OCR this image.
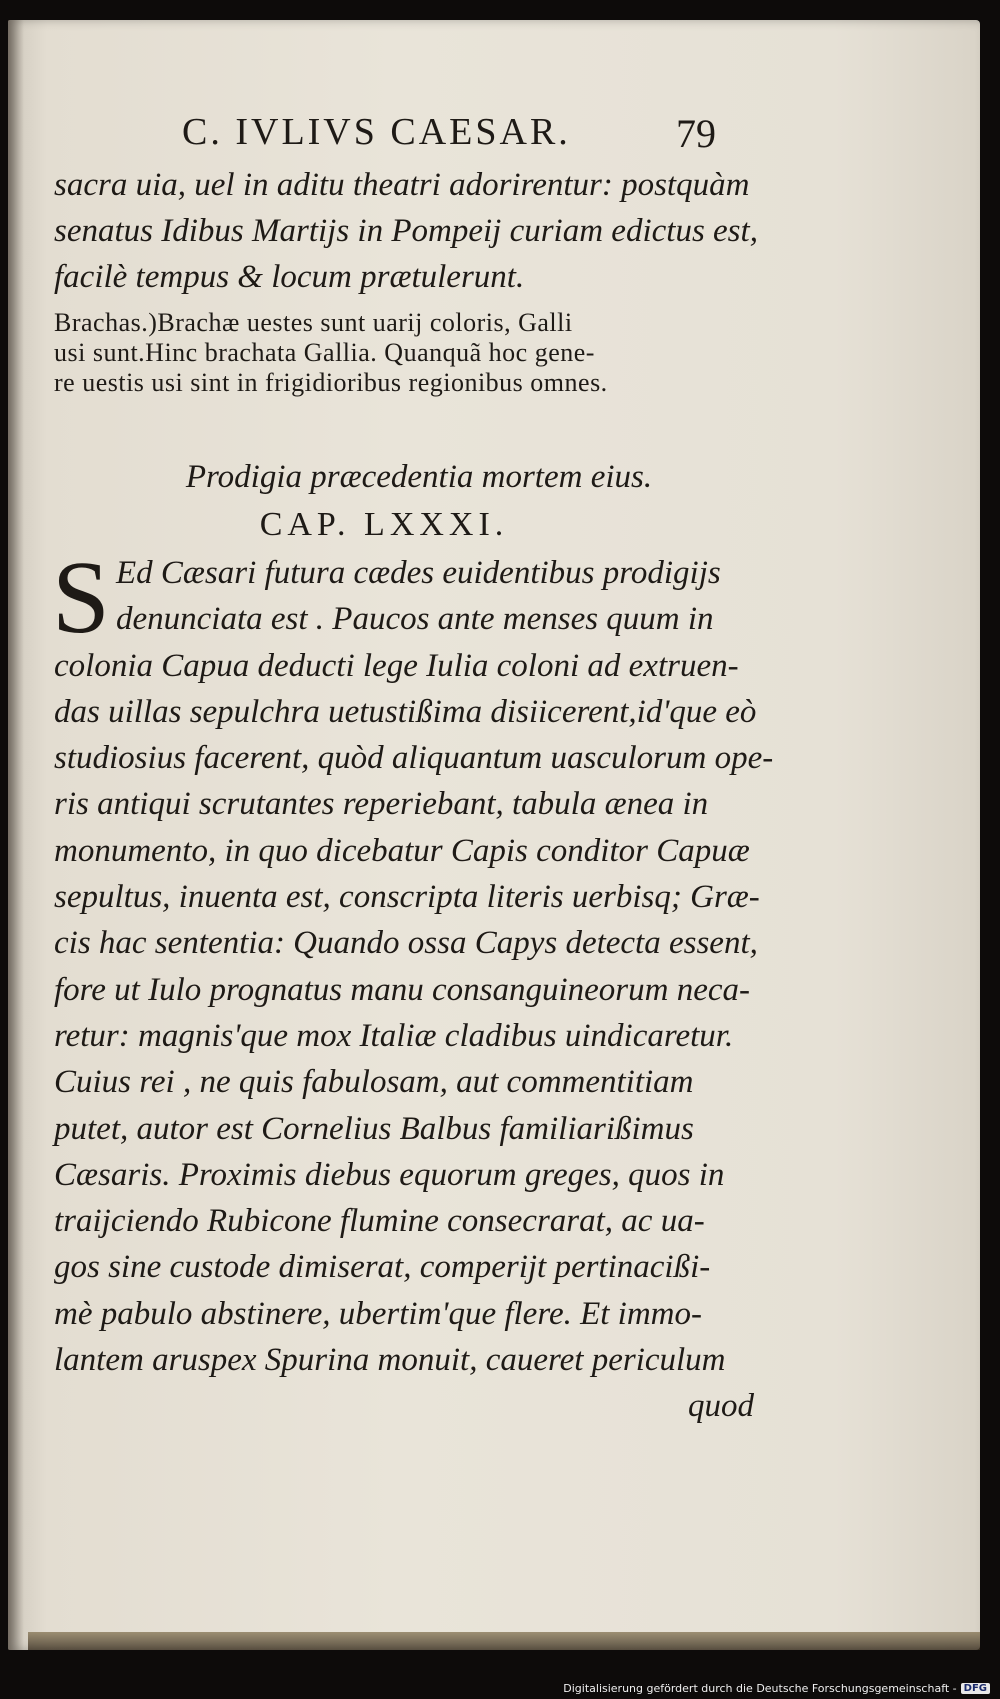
C. IVLIVS CAESAR.	79
sacra uia, uel in aditu theatri adorirentur: postquàm
senatus Idibus Martijs in Pompeij curiam edictus est,
facilè tempus & locum prætulerunt.
Brachas.)Brachæ uestes sunt uarij coloris, Galli
usi sunt.Hinc brachata Gallia. Quanquã hoc gene-
re uestis usi sint in frigidioribus regionibus omnes.
Prodigia præcedentia mortem eius.
CAP. LXXXI.
S Ed Cæsari futura cædes euidentibus prodigijs
denunciata est . Paucos ante menses quum in
colonia Capua deducti lege Iulia coloni ad extruen-
das uillas sepulchra uetustißima disiicerent,id'que eò
studiosius facerent, quòd aliquantum uasculorum ope-
ris antiqui scrutantes reperiebant, tabula ænea in
monumento, in quo dicebatur Capis conditor Capuæ
sepultus, inuenta est, conscripta literis uerbisq; Græ-
cis hac sententia: Quando ossa Capys detecta essent,
fore ut Iulo prognatus manu consanguineorum neca-
retur: magnis'que mox Italiæ cladibus uindicaretur.
Cuius rei , ne quis fabulosam, aut commentitiam
putet, autor est Cornelius Balbus familiarißimus
Cæsaris. Proximis diebus equorum greges, quos in
traijciendo Rubicone flumine consecrarat, ac ua-
gos sine custode dimiserat, comperijt pertinacißi-
mè pabulo abstinere, ubertim'que flere. Et immo-
lantem aruspex Spurina monuit, caueret periculum
quod
Digitalisierung gefördert durch die Deutsche Forschungsgemeinschaft - DFG
